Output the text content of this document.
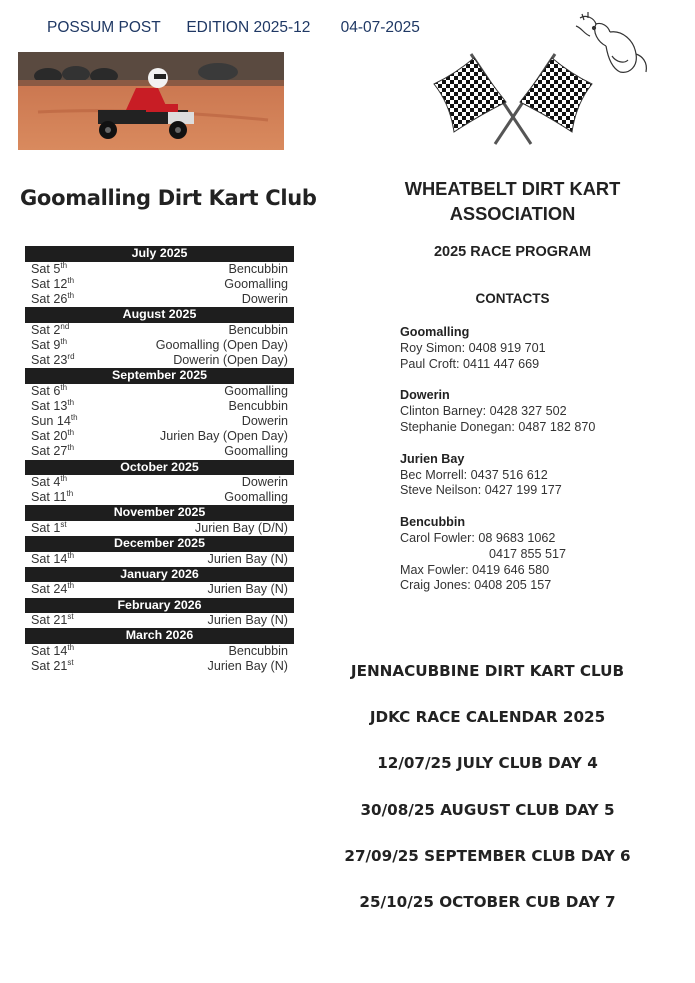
POSSUM POST EDITION 2025-12 04-07-2025
Goomalling Dirt Kart Club
July 2025
Sat 5th	Bencubbin
Sat 12th	Goomalling
Sat 26th	Dowerin
August 2025
Sat 2nd	Bencubbin
Sat 9th	Goomalling (Open Day)
Sat 23rd	Dowerin (Open Day)
September 2025
Sat 6th	Goomalling
Sat 13th	Bencubbin
Sun 14th	Dowerin
Sat 20th	Jurien Bay (Open Day)
Sat 27th	Goomalling
October 2025
Sat 4th	Dowerin
Sat 11th	Goomalling
November 2025
Sat 1st	Jurien Bay (D/N)
December 2025
Sat 14th	Jurien Bay (N)
January 2026
Sat 24th	Jurien Bay (N)
February 2026
Sat 21st	Jurien Bay (N)
March 2026
Sat 14th	Bencubbin
Sat 21st	Jurien Bay (N)
WHEATBELT DIRT KART
ASSOCIATION
2025 RACE PROGRAM
CONTACTS
Goomalling
Roy Simon: 0408 919 701
Paul Croft: 0411 447 669
Dowerin
Clinton Barney: 0428 327 502
Stephanie Donegan: 0487 182 870
Jurien Bay
Bec Morrell: 0437 516 612
Steve Neilson: 0427 199 177
Bencubbin
Carol Fowler: 08 9683 1062
0417 855 517
Max Fowler: 0419 646 580
Craig Jones: 0408 205 157
JENNACUBBINE DIRT KART CLUB
JDKC RACE CALENDAR 2025
12/07/25 JULY CLUB DAY 4
30/08/25 AUGUST CLUB DAY 5
27/09/25 SEPTEMBER CLUB DAY 6
25/10/25 OCTOBER CUB DAY 7
